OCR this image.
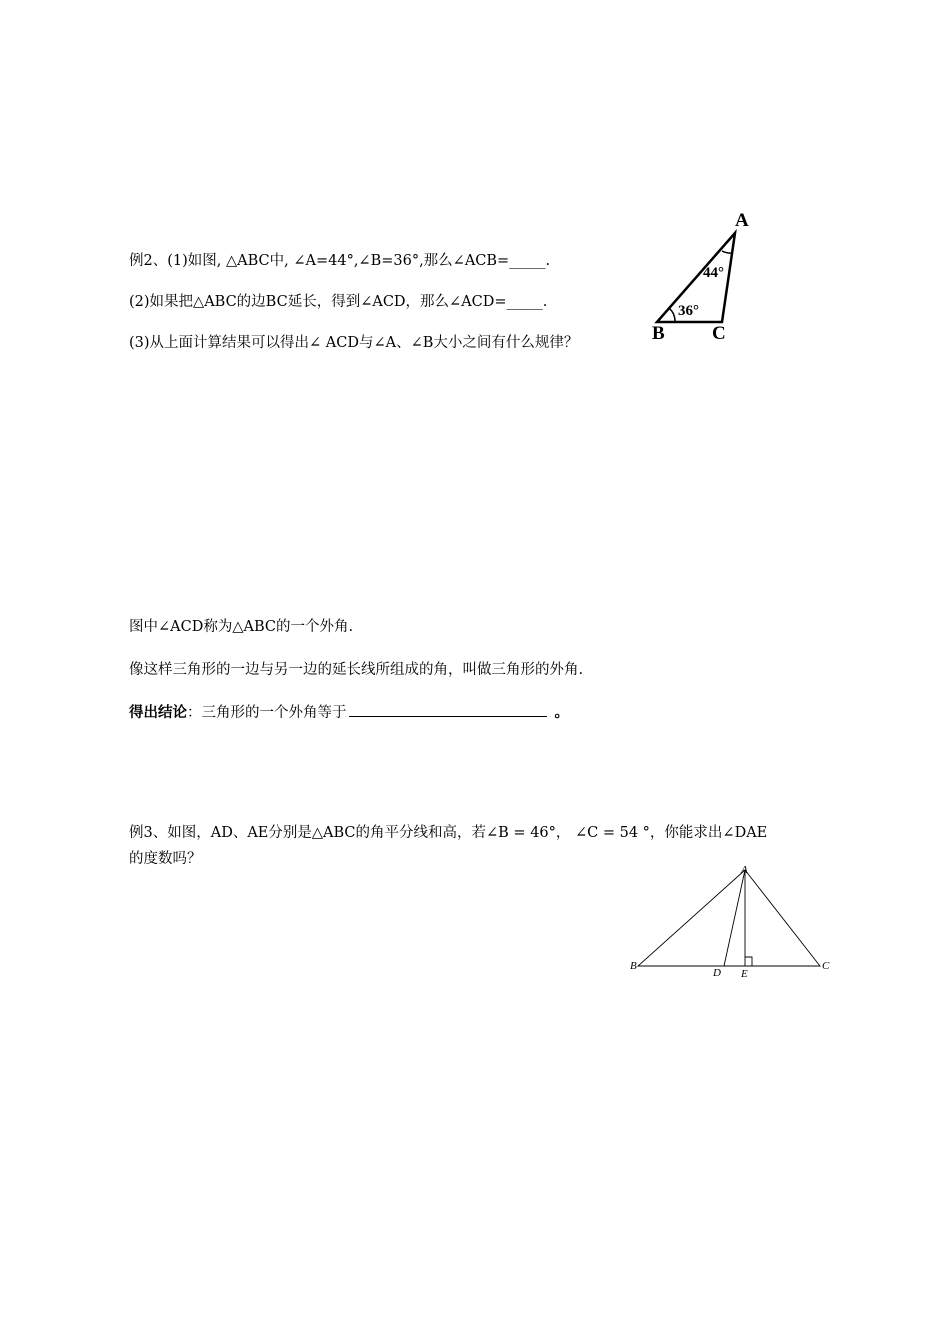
例2、(1)如图, △ABC中, ∠A=44°,∠B=36°,那么∠ACB=_____.
(2)如果把△ABC的边BC延长，得到∠ACD，那么∠ACD=_____.
(3)从上面计算结果可以得出∠ ACD与∠A、∠B大小之间有什么规律？
A
B C
44°
36°
图中∠ACD称为△ABC的一个外角.
像这样三角形的一边与另一边的延长线所组成的角，叫做三角形的外角.
得出结论：三角形的一个外角等于	。
例3、如图，AD、AE分别是△ABC的角平分线和高，若∠B = 46°， ∠C = 54 °，你能求出∠DAE
的度数吗？
A
B	C
D E
